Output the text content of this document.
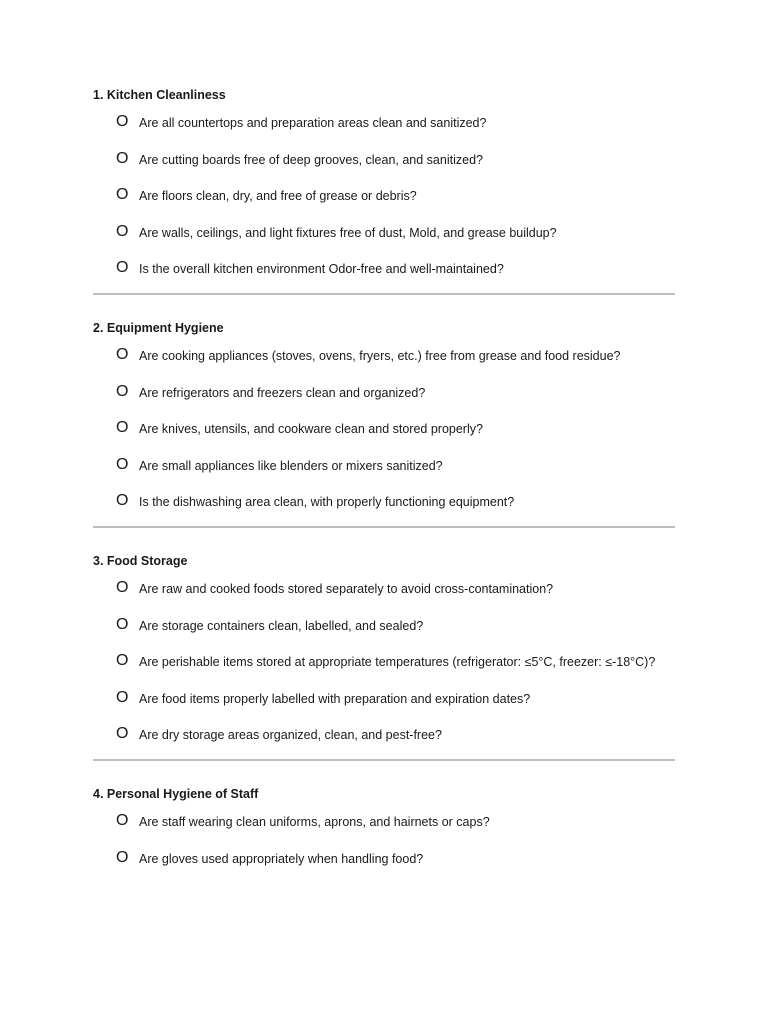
1. Kitchen Cleanliness
O Are all countertops and preparation areas clean and sanitized?
O Are cutting boards free of deep grooves, clean, and sanitized?
O Are floors clean, dry, and free of grease or debris?
O Are walls, ceilings, and light fixtures free of dust, Mold, and grease buildup?
O Is the overall kitchen environment Odor-free and well-maintained?
2. Equipment Hygiene
O Are cooking appliances (stoves, ovens, fryers, etc.) free from grease and food residue?
O Are refrigerators and freezers clean and organized?
O Are knives, utensils, and cookware clean and stored properly?
O Are small appliances like blenders or mixers sanitized?
O Is the dishwashing area clean, with properly functioning equipment?
3. Food Storage
O Are raw and cooked foods stored separately to avoid cross-contamination?
O Are storage containers clean, labelled, and sealed?
O Are perishable items stored at appropriate temperatures (refrigerator: ≤5°C, freezer: ≤-18°C)?
O Are food items properly labelled with preparation and expiration dates?
O Are dry storage areas organized, clean, and pest-free?
4. Personal Hygiene of Staff
O Are staff wearing clean uniforms, aprons, and hairnets or caps?
O Are gloves used appropriately when handling food?
